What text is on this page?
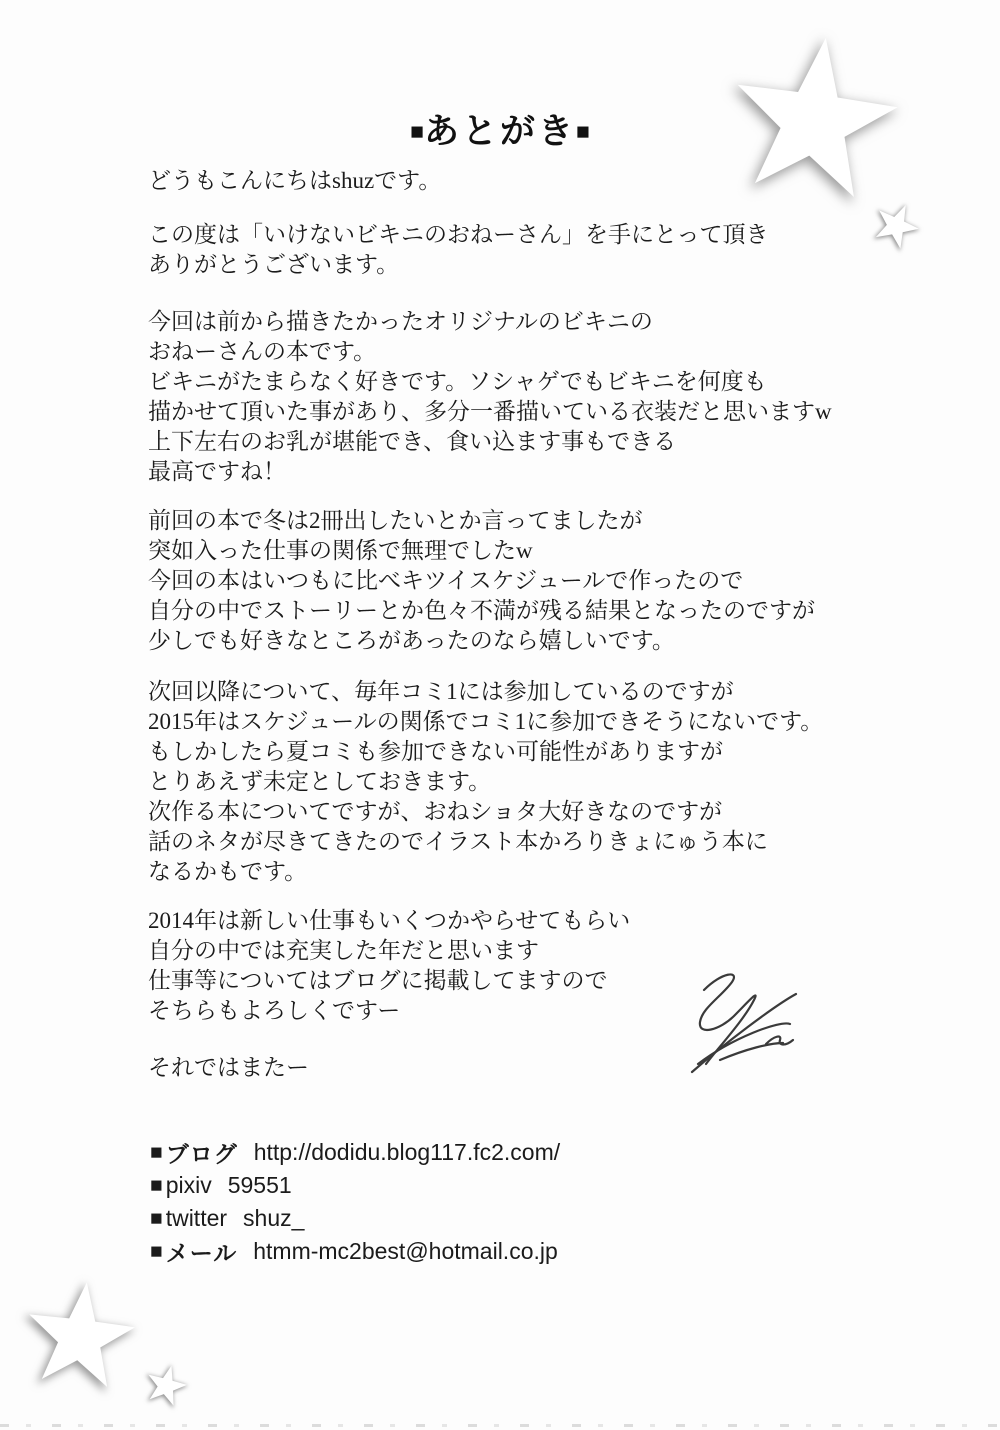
■あとがき■
どうもこんにちはshuzです。
この度は「いけないビキニのおねーさん」を手にとって頂き
ありがとうございます。
今回は前から描きたかったオリジナルのビキニの
おねーさんの本です。
ビキニがたまらなく好きです。ソシャゲでもビキニを何度も
描かせて頂いた事があり、多分一番描いている衣装だと思いますw
上下左右のお乳が堪能でき、食い込ます事もできる
最高ですね！
前回の本で冬は2冊出したいとか言ってましたが
突如入った仕事の関係で無理でしたw
今回の本はいつもに比べキツイスケジュールで作ったので
自分の中でストーリーとか色々不満が残る結果となったのですが
少しでも好きなところがあったのなら嬉しいです。
次回以降について、毎年コミ1には参加しているのですが
2015年はスケジュールの関係でコミ1に参加できそうにないです。
もしかしたら夏コミも参加できない可能性がありますが
とりあえず未定としておきます。
次作る本についてですが、おねショタ大好きなのですが
話のネタが尽きてきたのでイラスト本かろりきょにゅう本に
なるかもです。
2014年は新しい仕事もいくつかやらせてもらい
自分の中では充実した年だと思います
仕事等についてはブログに掲載してますので
そちらもよろしくですー
それではまたー
■ ブログ http://dodidu.blog117.fc2.com/
■ pixiv 59551
■ twitter shuz_
■ メール htmm-mc2best@hotmail.co.jp
